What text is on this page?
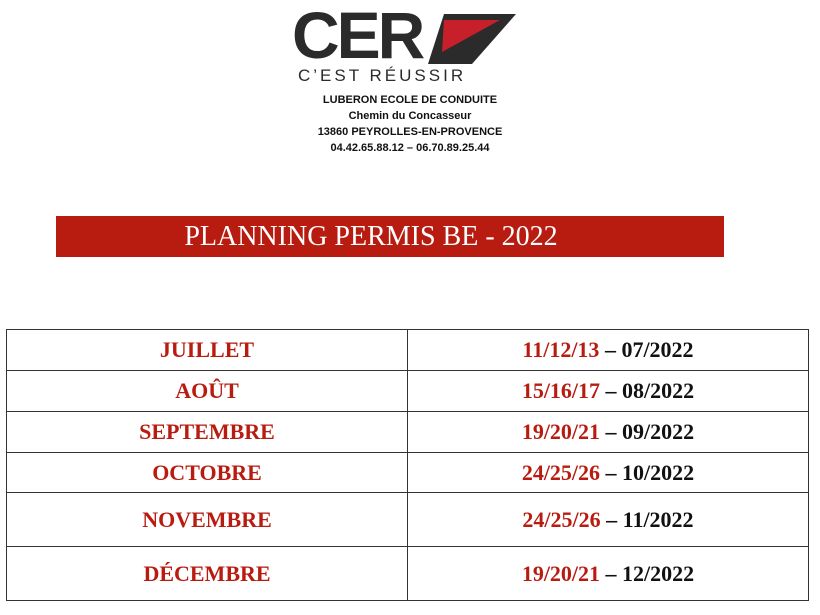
CER
C’EST RÉUSSIR
LUBERON ECOLE DE CONDUITE
Chemin du Concasseur
13860 PEYROLLES-EN-PROVENCE
04.42.65.88.12 – 06.70.89.25.44
PLANNING PERMIS BE - 2022
JUILLET	11/12/13 – 07/2022
AOÛT	15/16/17 – 08/2022
SEPTEMBRE	19/20/21 – 09/2022
OCTOBRE	24/25/26 – 10/2022
NOVEMBRE	24/25/26 – 11/2022
DÉCEMBRE	19/20/21 – 12/2022
